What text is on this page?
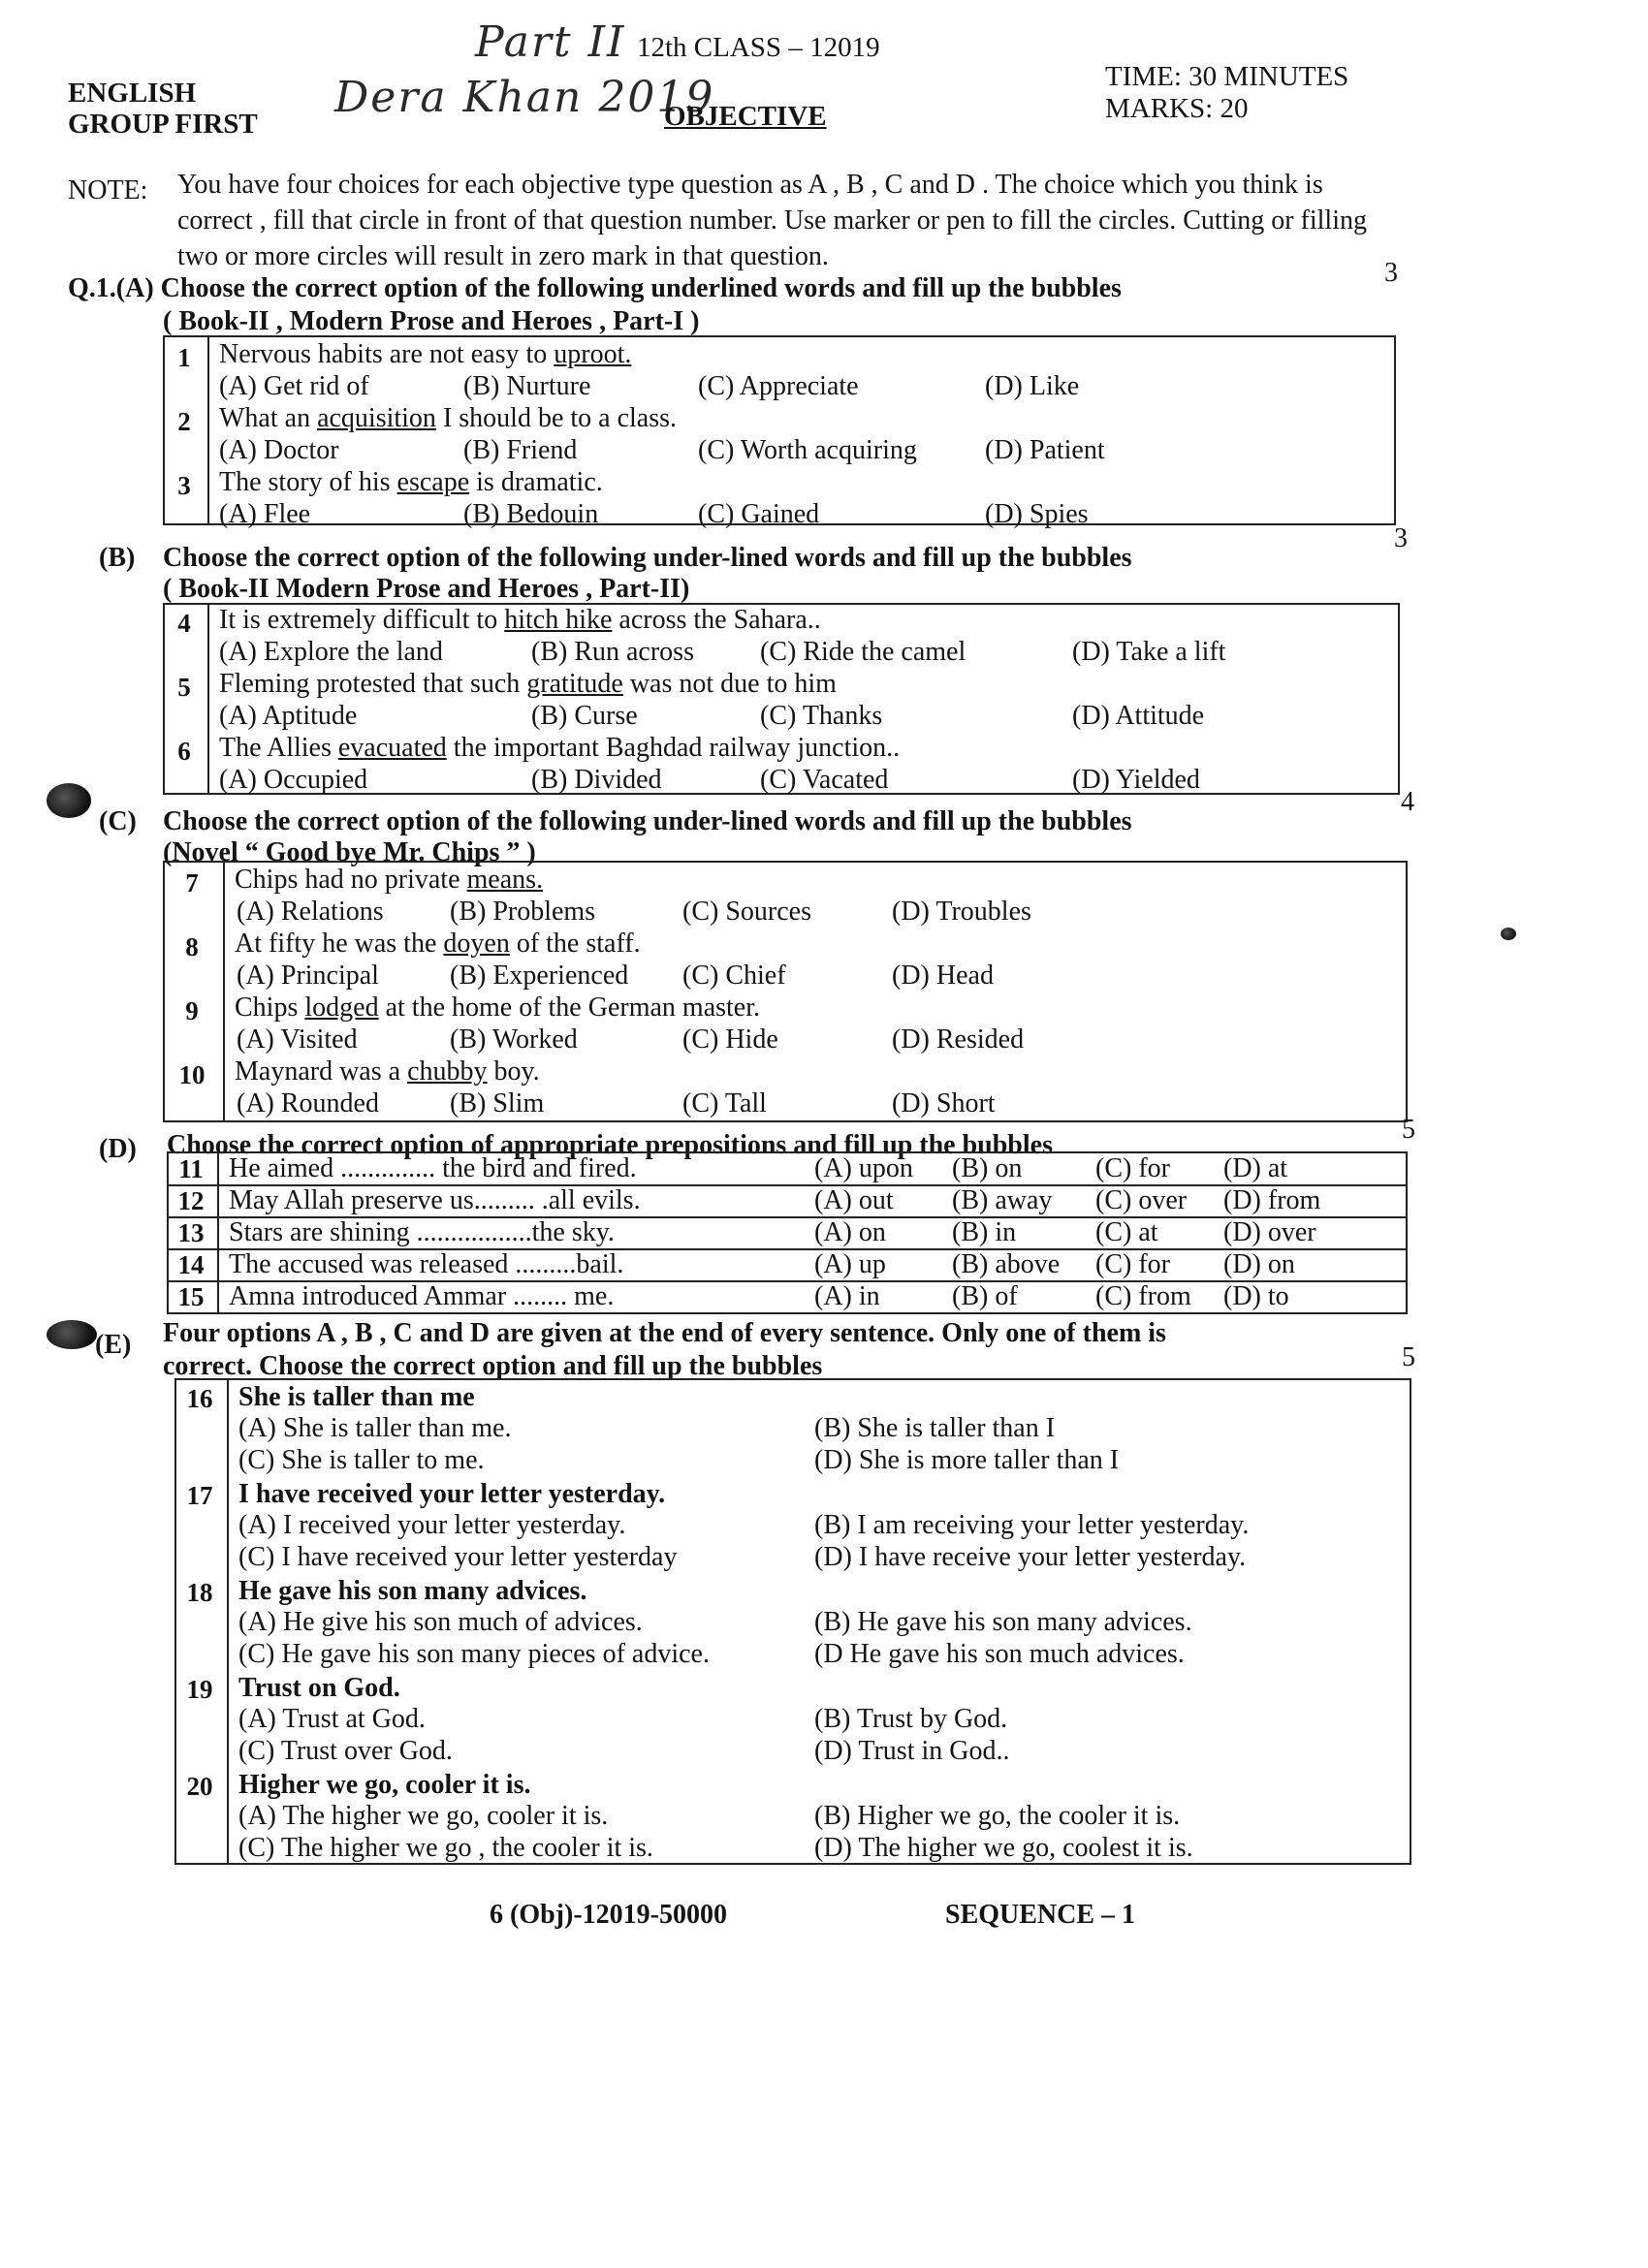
Part II
Dera Khan 2019
12th CLASS – 12019
ENGLISH
GROUP FIRST	OBJECTIVE
TIME: 30 MINUTES
MARKS: 20
NOTE: You have four choices for each objective type question as A , B , C and D . The choice which you think is correct , fill that circle in front of that question number. Use marker or pen to fill the circles. Cutting or filling two or more circles will result in zero mark in that question.
Q.1.(A) Choose the correct option of the following underlined words and fill up the bubbles
3
( Book-II , Modern Prose and Heroes , Part-I )
(B) Choose the correct option of the following under-lined words and fill up the bubbles
3
( Book-II Modern Prose and Heroes , Part-II)
(C) Choose the correct option of the following under-lined words and fill up the bubbles
4
(Novel “ Good bye Mr. Chips ” )
(D) Choose the correct option of appropriate prepositions and fill up the bubbles
5
(E) Four options A , B , C and D are given at the end of every sentence. Only one of them is
correct. Choose the correct option and fill up the bubbles	5
6 (Obj)-12019-50000	SEQUENCE – 1
1	Nervous habits are not easy to uproot.
(A) Get rid of	(B) Nurture	(C) Appreciate	(D) Like
2	What an acquisition I should be to a class.
(A) Doctor	(B) Friend	(C) Worth acquiring	(D) Patient
3	The story of his escape is dramatic.
(A) Flee	(B) Bedouin	(C) Gained	(D) Spies
4	It is extremely difficult to hitch hike across the Sahara..
(A) Explore the land	(B) Run across (C) Ride the camel	(D) Take a lift
5	Fleming protested that such gratitude was not due to him
(A) Aptitude	(B) Curse	(C) Thanks	(D) Attitude
6	The Allies evacuated the important Baghdad railway junction..
(A) Occupied	(B) Divided	(C) Vacated	(D) Yielded
7	Chips had no private means.
(A) Relations (B) Problems	(C) Sources	(D) Troubles
8	At fifty he was the doyen of the staff.
(A) Principal	(B) Experienced (C) Chief	(D) Head
9	Chips lodged at the home of the German master.
(A) Visited	(B) Worked	(C) Hide	(D) Resided
10	Maynard was a chubby boy.
(A) Rounded	(B) Slim	(C) Tall	(D) Short
11 He aimed .............. the bird and fired.	(A) upon (B) on	(C) for (D) at
12 May Allah preserve us......... .all evils.	(A) out (B) away (C) over (D) from
13 Stars are shining .................the sky.	(A) on (B) in	(C) at (D) over
14 The accused was released .........bail.	(A) up (B) above (C) for (D) on
15 Amna introduced Ammar ........ me.	(A) in	(B) of	(C) from (D) to
16 She is taller than me
(A) She is taller than me.	(B) She is taller than I
(C) She is taller to me.	(D) She is more taller than I
17 I have received your letter yesterday.
(A) I received your letter yesterday.	(B) I am receiving your letter yesterday.
(C) I have received your letter yesterday	(D) I have receive your letter yesterday.
18 He gave his son many advices.
(A) He give his son much of advices.	(B) He gave his son many advices.
(C) He gave his son many pieces of advice.	(D He gave his son much advices.
19 Trust on God.
(A) Trust at God.	(B) Trust by God.
(C) Trust over God.	(D) Trust in God..
20 Higher we go, cooler it is.
(A) The higher we go, cooler it is.	(B) Higher we go, the cooler it is.
(C) The higher we go , the cooler it is.	(D) The higher we go, coolest it is.
